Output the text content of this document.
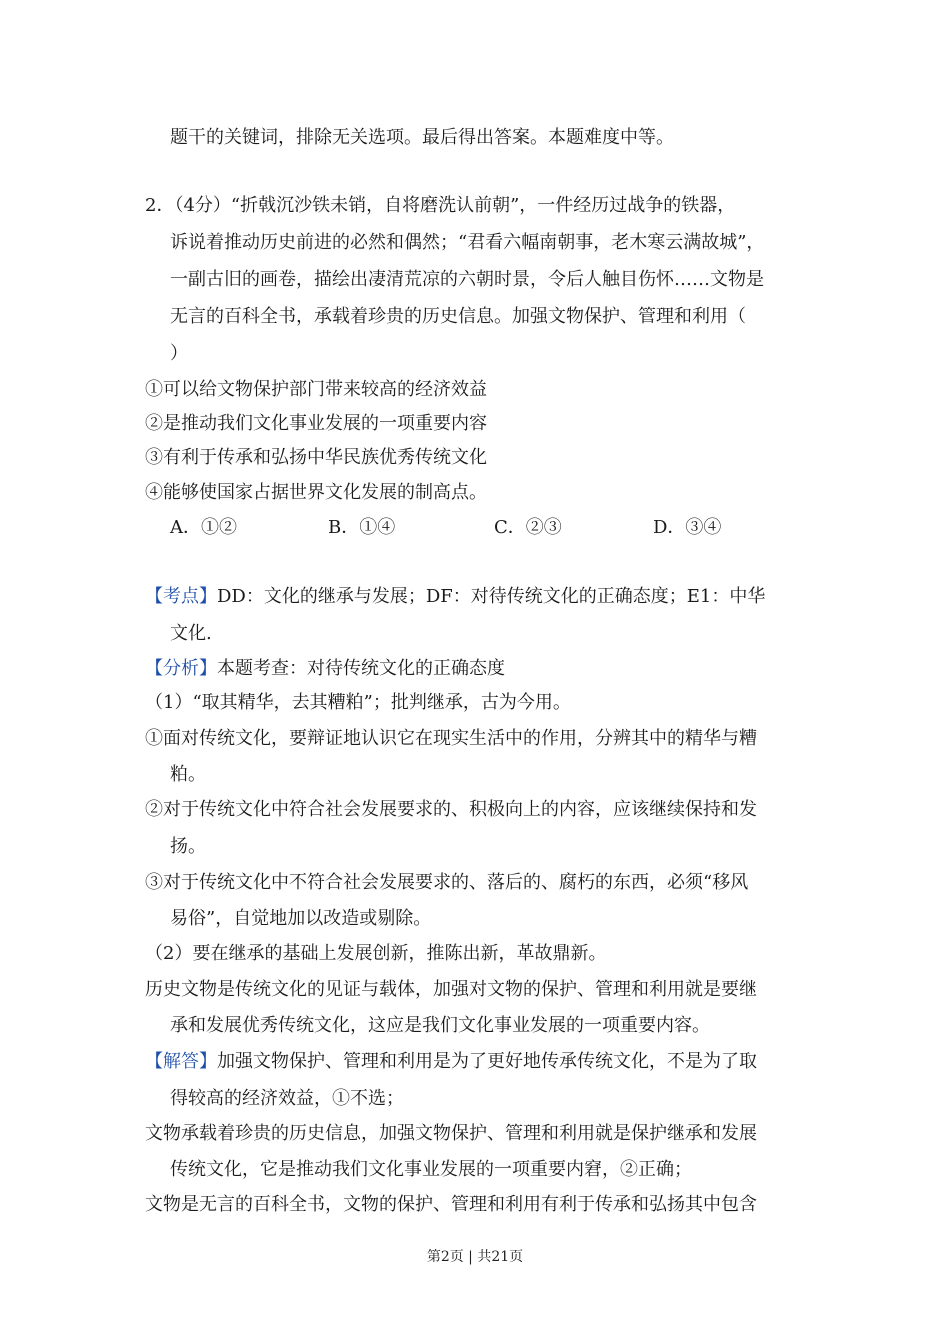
题干的关键词，排除无关选项。最后得出答案。本题难度中等。
2．（4分）“折戟沉沙铁未销，自将磨洗认前朝”，一件经历过战争的铁器，
诉说着推动历史前进的必然和偶然；“君看六幅南朝事，老木寒云满故城”，
一副古旧的画卷，描绘出凄清荒凉的六朝时景，令后人触目伤怀……文物是
无言的百科全书，承载着珍贵的历史信息。加强文物保护、管理和利用（
）
①可以给文物保护部门带来较高的经济效益
②是推动我们文化事业发展的一项重要内容
③有利于传承和弘扬中华民族优秀传统文化
④能够使国家占据世界文化发展的制高点。
A．①②	B．①④	C．②③	D．③④
【考点】DD：文化的继承与发展；DF：对待传统文化的正确态度；E1：中华
文化.
【分析】本题考查：对待传统文化的正确态度
（1）“取其精华，去其糟粕”；批判继承，古为今用。
①面对传统文化，要辩证地认识它在现实生活中的作用，分辨其中的精华与糟
粕。
②对于传统文化中符合社会发展要求的、积极向上的内容，应该继续保持和发
扬。
③对于传统文化中不符合社会发展要求的、落后的、腐朽的东西，必须“移风
易俗”，自觉地加以改造或剔除。
（2）要在继承的基础上发展创新，推陈出新，革故鼎新。
历史文物是传统文化的见证与载体，加强对文物的保护、管理和利用就是要继
承和发展优秀传统文化，这应是我们文化事业发展的一项重要内容。
【解答】加强文物保护、管理和利用是为了更好地传承传统文化，不是为了取
得较高的经济效益，①不选；
文物承载着珍贵的历史信息，加强文物保护、管理和利用就是保护继承和发展
传统文化，它是推动我们文化事业发展的一项重要内窘，②正确；
文物是无言的百科全书，文物的保护、管理和利用有利于传承和弘扬其中包含
第2页 | 共21页
